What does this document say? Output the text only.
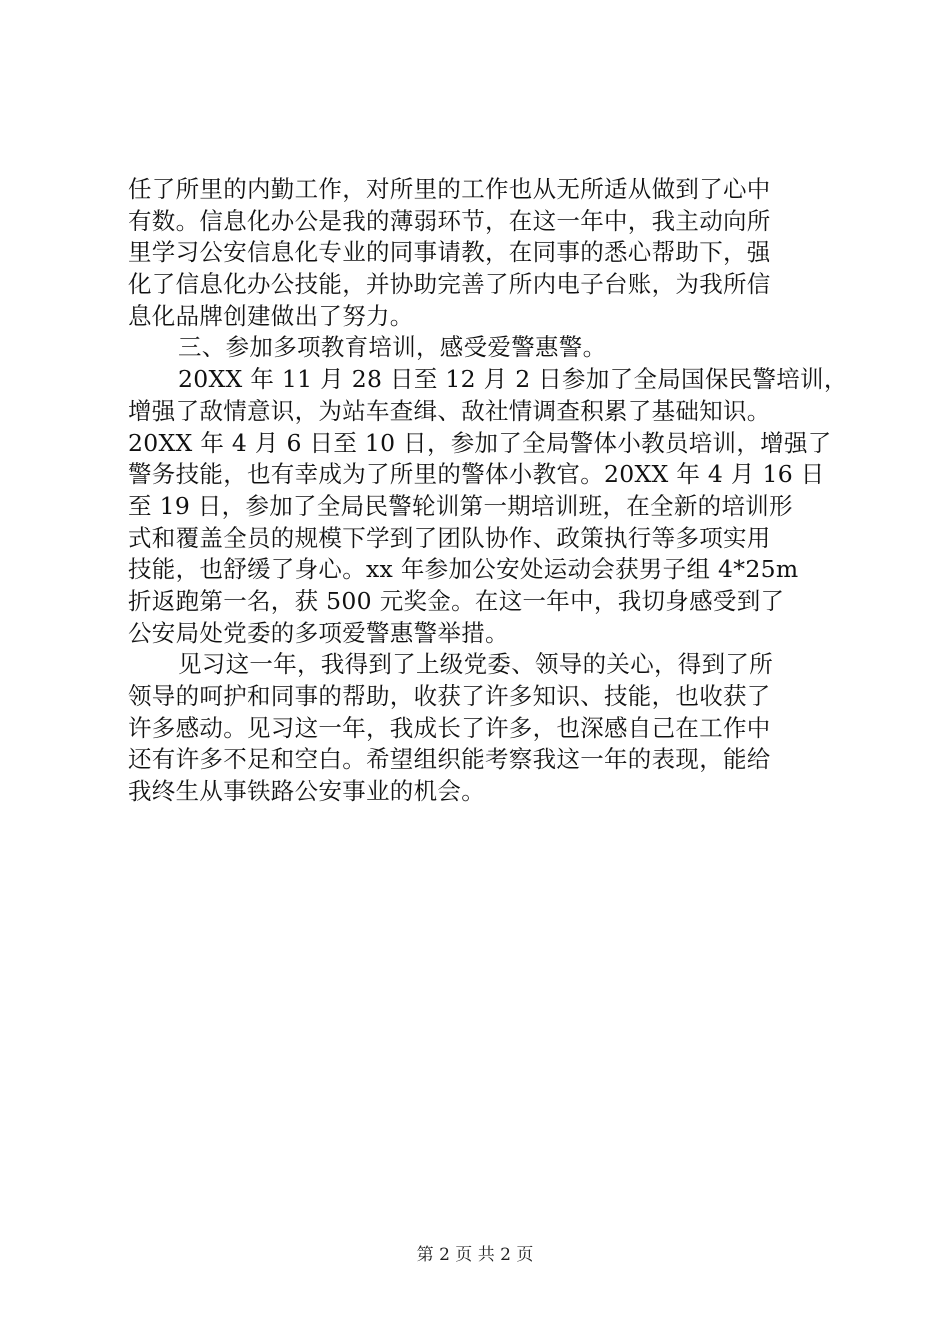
任了所里的内勤工作，对所里的工作也从无所适从做到了心中
有数。信息化办公是我的薄弱环节，在这一年中，我主动向所
里学习公安信息化专业的同事请教，在同事的悉心帮助下，强
化了信息化办公技能，并协助完善了所内电子台账，为我所信
息化品牌创建做出了努力。
三、参加多项教育培训，感受爱警惠警。
20XX 年 11 月 28 日至 12 月 2 日参加了全局国保民警培训，
增强了敌情意识，为站车查缉、敌社情调查积累了基础知识。
20XX 年 4 月 6 日至 10 日，参加了全局警体小教员培训，增强了
警务技能，也有幸成为了所里的警体小教官。20XX 年 4 月 16 日
至 19 日，参加了全局民警轮训第一期培训班，在全新的培训形
式和覆盖全员的规模下学到了团队协作、政策执行等多项实用
技能，也舒缓了身心。xx 年参加公安处运动会获男子组 4*25m
折返跑第一名，获 500 元奖金。在这一年中，我切身感受到了
公安局处党委的多项爱警惠警举措。
见习这一年，我得到了上级党委、领导的关心，得到了所
领导的呵护和同事的帮助，收获了许多知识、技能，也收获了
许多感动。见习这一年，我成长了许多，也深感自己在工作中
还有许多不足和空白。希望组织能考察我这一年的表现，能给
我终生从事铁路公安事业的机会。
第 2 页 共 2 页
